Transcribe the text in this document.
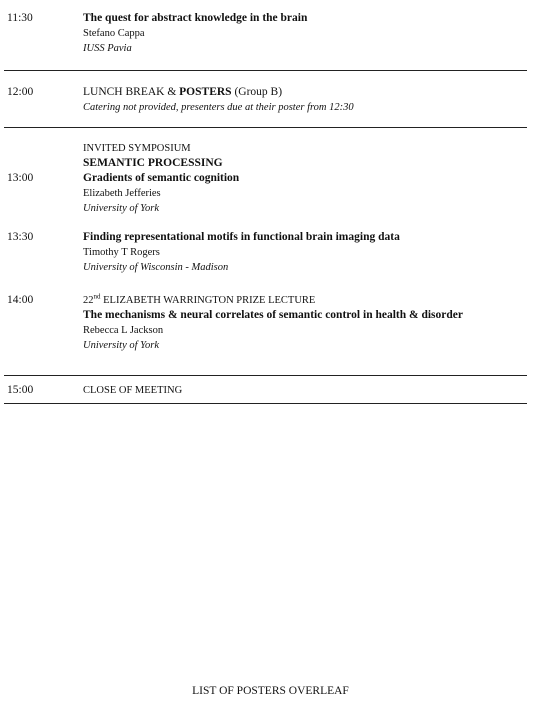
11:30	The quest for abstract knowledge in the brain
Stefano Cappa
IUSS Pavia
12:00	LUNCH BREAK & POSTERS (Group B)
Catering not provided, presenters due at their poster from 12:30
INVITED SYMPOSIUM
SEMANTIC PROCESSING
13:00	Gradients of semantic cognition
Elizabeth Jefferies
University of York
13:30	Finding representational motifs in functional brain imaging data
Timothy T Rogers
University of Wisconsin - Madison
14:00	22nd ELIZABETH WARRINGTON PRIZE LECTURE
The mechanisms & neural correlates of semantic control in health & disorder
Rebecca L Jackson
University of York
15:00	CLOSE OF MEETING
LIST OF POSTERS OVERLEAF
